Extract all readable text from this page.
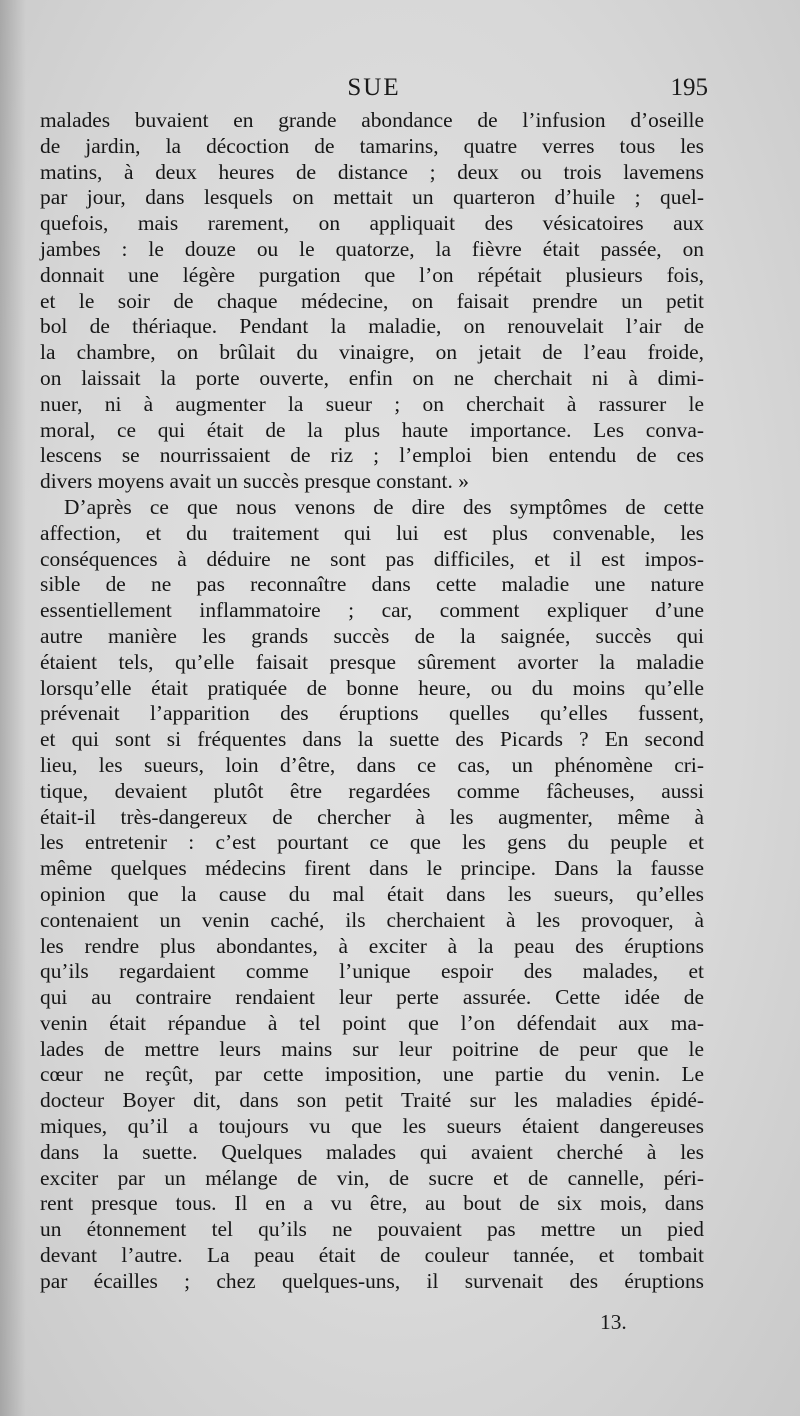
SUE	195
malades buvaient en grande abondance de l’infusion d’oseille
de jardin, la décoction de tamarins, quatre verres tous les
matins, à deux heures de distance ; deux ou trois lavemens
par jour, dans lesquels on mettait un quarteron d’huile ; quel-
quefois, mais rarement, on appliquait des vésicatoires aux
jambes : le douze ou le quatorze, la fièvre était passée, on
donnait une légère purgation que l’on répétait plusieurs fois,
et le soir de chaque médecine, on faisait prendre un petit
bol de thériaque. Pendant la maladie, on renouvelait l’air de
la chambre, on brûlait du vinaigre, on jetait de l’eau froide,
on laissait la porte ouverte, enfin on ne cherchait ni à dimi-
nuer, ni à augmenter la sueur ; on cherchait à rassurer le
moral, ce qui était de la plus haute importance. Les conva-
lescens se nourrissaient de riz ; l’emploi bien entendu de ces
divers moyens avait un succès presque constant. »
D’après ce que nous venons de dire des symptômes de cette
affection, et du traitement qui lui est plus convenable, les
conséquences à déduire ne sont pas difficiles, et il est impos-
sible de ne pas reconnaître dans cette maladie une nature
essentiellement inflammatoire ; car, comment expliquer d’une
autre manière les grands succès de la saignée, succès qui
étaient tels, qu’elle faisait presque sûrement avorter la maladie
lorsqu’elle était pratiquée de bonne heure, ou du moins qu’elle
prévenait l’apparition des éruptions quelles qu’elles fussent,
et qui sont si fréquentes dans la suette des Picards ? En second
lieu, les sueurs, loin d’être, dans ce cas, un phénomène cri-
tique, devaient plutôt être regardées comme fâcheuses, aussi
était-il très-dangereux de chercher à les augmenter, même à
les entretenir : c’est pourtant ce que les gens du peuple et
même quelques médecins firent dans le principe. Dans la fausse
opinion que la cause du mal était dans les sueurs, qu’elles
contenaient un venin caché, ils cherchaient à les provoquer, à
les rendre plus abondantes, à exciter à la peau des éruptions
qu’ils regardaient comme l’unique espoir des malades, et
qui au contraire rendaient leur perte assurée. Cette idée de
venin était répandue à tel point que l’on défendait aux ma-
lades de mettre leurs mains sur leur poitrine de peur que le
cœur ne reçût, par cette imposition, une partie du venin. Le
docteur Boyer dit, dans son petit Traité sur les maladies épidé-
miques, qu’il a toujours vu que les sueurs étaient dangereuses
dans la suette. Quelques malades qui avaient cherché à les
exciter par un mélange de vin, de sucre et de cannelle, péri-
rent presque tous. Il en a vu être, au bout de six mois, dans
un étonnement tel qu’ils ne pouvaient pas mettre un pied
devant l’autre. La peau était de couleur tannée, et tombait
par écailles ; chez quelques-uns, il survenait des éruptions
13.
